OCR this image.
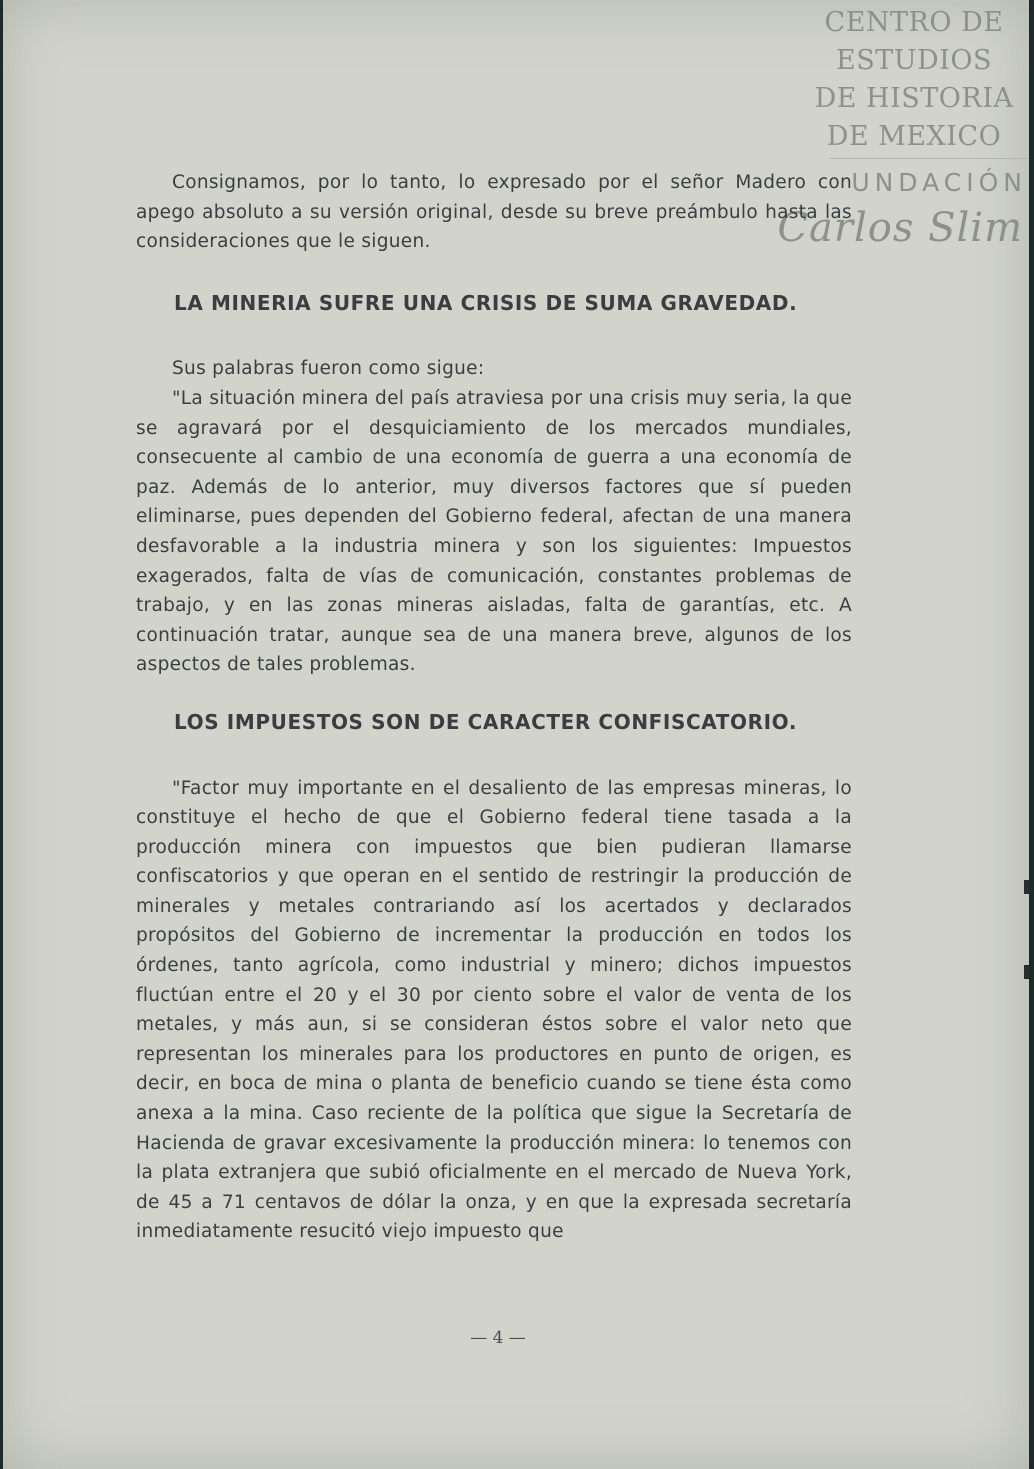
CENTRO DE
ESTUDIOS
DE HISTORIA
DE MEXICO
UNDACIÓN
Carlos Slim

Consignamos, por lo tanto, lo expresado por el señor Madero con apego absoluto a su versión original, desde su breve preámbulo hasta las consideraciones que le siguen.

LA MINERIA SUFRE UNA CRISIS DE SUMA GRAVEDAD.

Sus palabras fueron como sigue:

"La situación minera del país atraviesa por una crisis muy seria, la que se agravará por el desquiciamiento de los mercados mundiales, consecuente al cambio de una economía de guerra a una economía de paz. Además de lo anterior, muy diversos factores que sí pueden eliminarse, pues dependen del Gobierno federal, afectan de una manera desfavorable a la industria minera y son los siguientes: Impuestos exagerados, falta de vías de comunicación, constantes problemas de trabajo, y en las zonas mineras aisladas, falta de garantías, etc. A continuación tratar, aunque sea de una manera breve, algunos de los aspectos de tales problemas.

LOS IMPUESTOS SON DE CARACTER CONFISCATORIO.

"Factor muy importante en el desaliento de las empresas mineras, lo constituye el hecho de que el Gobierno federal tiene tasada a la producción minera con impuestos que bien pudieran llamarse confiscatorios y que operan en el sentido de restringir la producción de minerales y metales contrariando así los acertados y declarados propósitos del Gobierno de incrementar la producción en todos los órdenes, tanto agrícola, como industrial y minero; dichos impuestos fluctúan entre el 20 y el 30 por ciento sobre el valor de venta de los metales, y más aun, si se consideran éstos sobre el valor neto que representan los minerales para los productores en punto de origen, es decir, en boca de mina o planta de beneficio cuando se tiene ésta como anexa a la mina. Caso reciente de la política que sigue la Secretaría de Hacienda de gravar excesivamente la producción minera: lo tenemos con la plata extranjera que subió oficialmente en el mercado de Nueva York, de 45 a 71 centavos de dólar la onza, y en que la expresada secretaría inmediatamente resucitó viejo impuesto que

— 4 —
